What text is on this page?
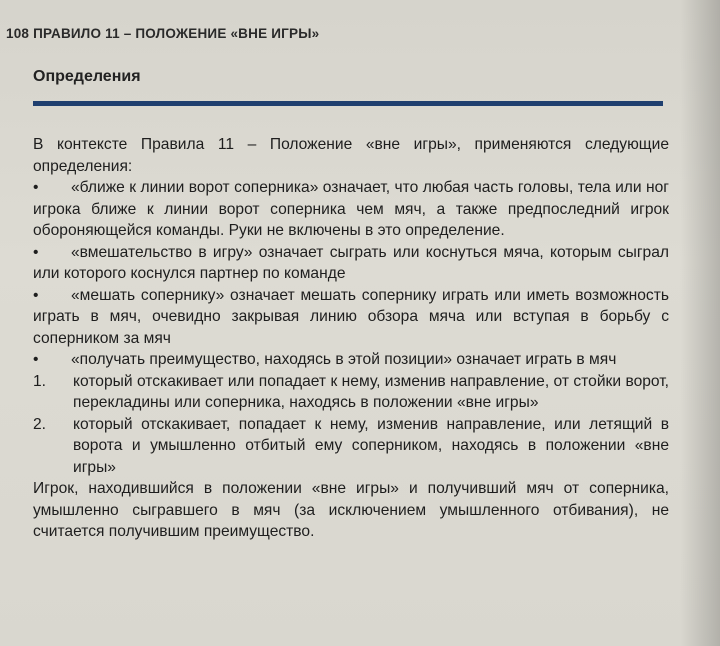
108 ПРАВИЛО 11 – ПОЛОЖЕНИЕ «ВНЕ ИГРЫ»
Определения

В контексте Правила 11 – Положение «вне игры», применяются следующие определения:

• «ближе к линии ворот соперника» означает, что любая часть головы, тела или ног игрока ближе к линии ворот соперника чем мяч, а также предпоследний игрок обороняющейся команды. Руки не включены в это определение.

• «вмешательство в игру» означает сыграть или коснуться мяча, которым сыграл или которого коснулся партнер по команде

• «мешать сопернику» означает мешать сопернику играть или иметь возможность играть в мяч, очевидно закрывая линию обзора мяча или вступая в борьбу с соперником за мяч

• «получать преимущество, находясь в этой позиции» означает играть в мяч

1. который отскакивает или попадает к нему, изменив направление, от стойки ворот, перекладины или соперника, находясь в положении «вне игры»

2. который отскакивает, попадает к нему, изменив направление, или летящий в ворота и умышленно отбитый ему соперником, находясь в положении «вне игры»

Игрок, находившийся в положении «вне игры» и получивший мяч от соперника, умышленно сыгравшего в мяч (за исключением умышленного отбивания), не считается получившим преимущество.
